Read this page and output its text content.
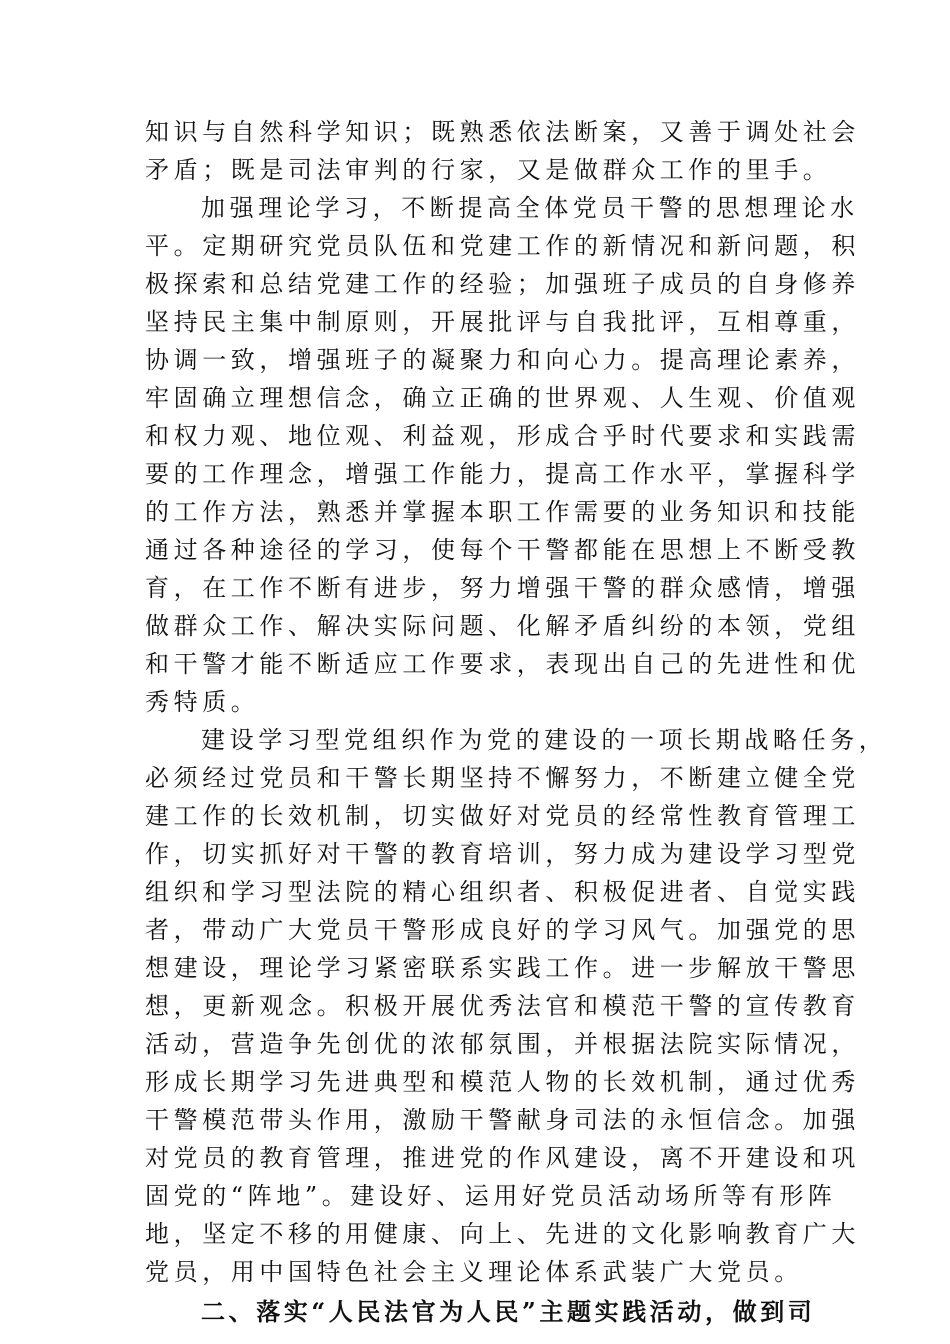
知识与自然科学知识；既熟悉依法断案，又善于调处社会
矛盾；既是司法审判的行家，又是做群众工作的里手。
加强理论学习，不断提高全体党员干警的思想理论水
平。定期研究党员队伍和党建工作的新情况和新问题，积
极探索和总结党建工作的经验；加强班子成员的自身修养
坚持民主集中制原则，开展批评与自我批评，互相尊重，
协调一致，增强班子的凝聚力和向心力。提高理论素养，
牢固确立理想信念，确立正确的世界观、人生观、价值观
和权力观、地位观、利益观，形成合乎时代要求和实践需
要的工作理念，增强工作能力，提高工作水平，掌握科学
的工作方法，熟悉并掌握本职工作需要的业务知识和技能
通过各种途径的学习，使每个干警都能在思想上不断受教
育，在工作不断有进步，努力增强干警的群众感情，增强
做群众工作、解决实际问题、化解矛盾纠纷的本领，党组
和干警才能不断适应工作要求，表现出自己的先进性和优
秀特质。
建设学习型党组织作为党的建设的一项长期战略任务，
必须经过党员和干警长期坚持不懈努力，不断建立健全党
建工作的长效机制，切实做好对党员的经常性教育管理工
作，切实抓好对干警的教育培训，努力成为建设学习型党
组织和学习型法院的精心组织者、积极促进者、自觉实践
者，带动广大党员干警形成良好的学习风气。加强党的思
想建设，理论学习紧密联系实践工作。进一步解放干警思
想，更新观念。积极开展优秀法官和模范干警的宣传教育
活动，营造争先创优的浓郁氛围，并根据法院实际情况，
形成长期学习先进典型和模范人物的长效机制，通过优秀
干警模范带头作用，激励干警献身司法的永恒信念。加强
对党员的教育管理，推进党的作风建设，离不开建设和巩
固党的“阵地”。建设好、运用好党员活动场所等有形阵
地，坚定不移的用健康、向上、先进的文化影响教育广大
党员，用中国特色社会主义理论体系武装广大党员。
二、落实“人民法官为人民”主题实践活动，做到司
